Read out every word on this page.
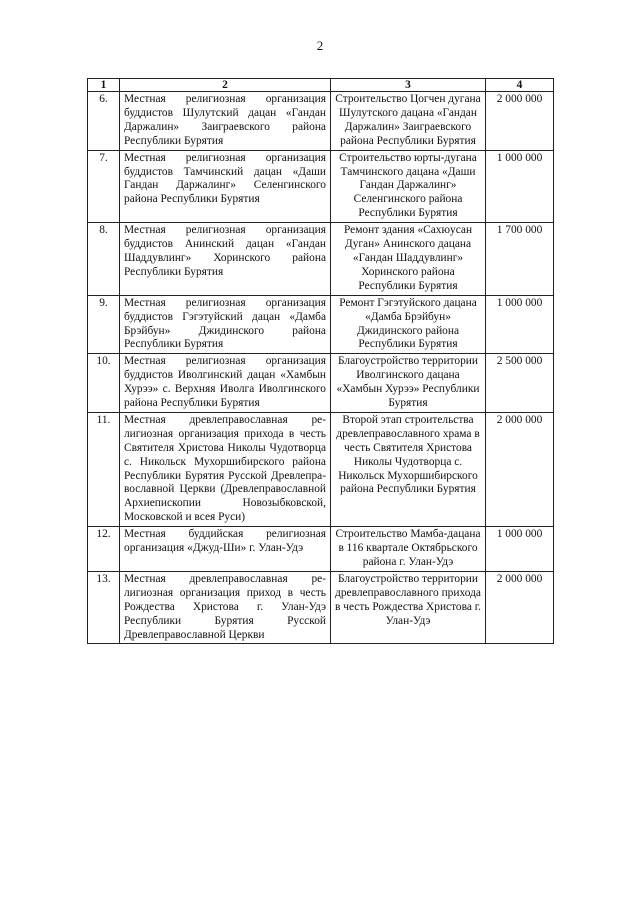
2
1	2	3	4
6.	Местная религиозная организация буддистов Шулутский дацан «Гандан Даржалин» Заиграевского района Республики Бурятия	Строительство Цогчен дугана Шулутского дацана «Гандан Даржалин» Заиграевского района Республики Бурятия	2 000 000
7.	Местная религиозная организация буддистов Тамчинский дацан «Даши Гандан Даржалинг» Селенгинского района Республики Бурятия	Строительство юрты-дугана Тамчинского дацана «Даши Гандан Дaржалинг» Селенгинского района Республики Бурятия	1 000 000
8.	Местная религиозная организация буддистов Анинский дацан «Гандан Шаддувлинг» Хоринского района Республики Бурятия	Ремонт здания «Сахюусан Дуган» Анинского дацана «Гандан Шаддувлинг» Хоринского района Республики Бурятия	1 700 000
9.	Местная религиозная организация буддистов Гэгэтуйский дацан «Дамба Брэйбун» Джидинского района Республики Бурятия	Ремонт Гэгэтуйского дацана «Дамба Брэйбун» Джидинского района Республики Бурятия	1 000 000
10.	Местная религиозная организация буддистов Иволгинский дацан «Хамбын Хурээ» с. Верхняя Иволга Иволгинского района Республики Бурятия	Благоустройство территории Иволгинского дацана «Хамбын Хурээ» Республики Бурятия	2 500 000
11.	Местная древлеправославная религиозная организация прихода в честь Святителя Христова Николы Чудотворца с. Никольск Мухоршибирского района Республики Бурятия Русской Древлеправославной Церкви (Древлеправославной Архиепископии Новозыбковской, Московской и всея Руси)	Второй этап строительства древлеправославного храма в честь Святителя Христова Николы Чудотворца с. Никольск Мухоршибирского района Республики Бурятия	2 000 000
12.	Местная буддийская религиозная организация «Джуд-Ши» г. Улан-Удэ	Строительство Мамба-дацана в 116 квартале Октябрьского района г. Улан-Удэ	1 000 000
13.	Местная древлеправославная религиозная организация приход в честь Рождества Христова г. Улан-Удэ Республики Бурятия Русской Древлеправославной Церкви	Благоустройство территории древлеправославного прихода в честь Рождества Христова г. Улан-Удэ	2 000 000
